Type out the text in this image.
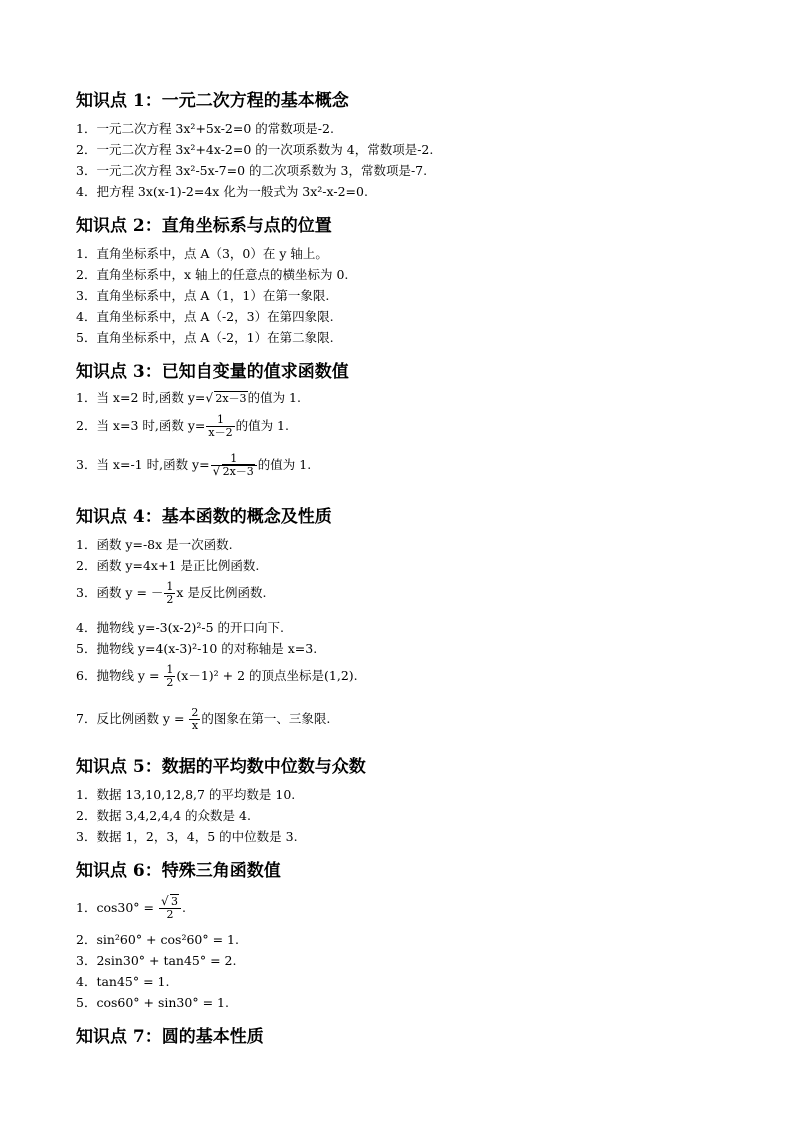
知识点 1：一元二次方程的基本概念
1．一元二次方程 3x²+5x-2=0 的常数项是-2.
2．一元二次方程 3x²+4x-2=0 的一次项系数为 4，常数项是-2.
3．一元二次方程 3x²-5x-7=0 的二次项系数为 3，常数项是-7.
4．把方程 3x(x-1)-2=4x 化为一般式为 3x²-x-2=0.
知识点 2：直角坐标系与点的位置
1．直角坐标系中，点 A（3，0）在 y 轴上。
2．直角坐标系中，x 轴上的任意点的横坐标为 0.
3．直角坐标系中，点 A（1，1）在第一象限.
4．直角坐标系中，点 A（-2，3）在第四象限.
5．直角坐标系中，点 A（-2，1）在第二象限.
知识点 3：已知自变量的值求函数值
1．当 x=2 时,函数 y= √ 2x－3的值为 1.
2．当 x=3 时,函数 $y= \frac{1}{x-2}$ 的值为 1.
3．当 x=-1 时,函数 $y= \frac{1}{√ 2x-3}$ 的值为 1.
知识点 4：基本函数的概念及性质
1．函数 y=-8x 是一次函数.
2．函数 y=4x+1 是正比例函数.
3．函数 y = － $\frac{1}{2}$ x 是反比例函数.
4．抛物线 y=-3(x-2)²-5 的开口向下.
5．抛物线 y=4(x-3)²-10 的对称轴是 x=3.
6．抛物线 $y = \frac{1}{2} (x-1)^2 + 2$ 的顶点坐标是(1,2).
7．反比例函数 $y = \frac{2}{x}$ 的图象在第一、三象限.
知识点 5：数据的平均数中位数与众数
1．数据 13,10,12,8,7 的平均数是 10.
2．数据 3,4,2,4,4 的众数是 4.
3．数据 1，2，3，4，5 的中位数是 3.
知识点 6：特殊三角函数值
1．$\cos 30^\circ = \frac{√ 3}{2}$ .
2．sin²60° + cos²60° = 1.
3．2sin30° + tan45° = 2.
4．tan45° = 1.
5．cos60° + sin30° = 1.
知识点 7：圆的基本性质
